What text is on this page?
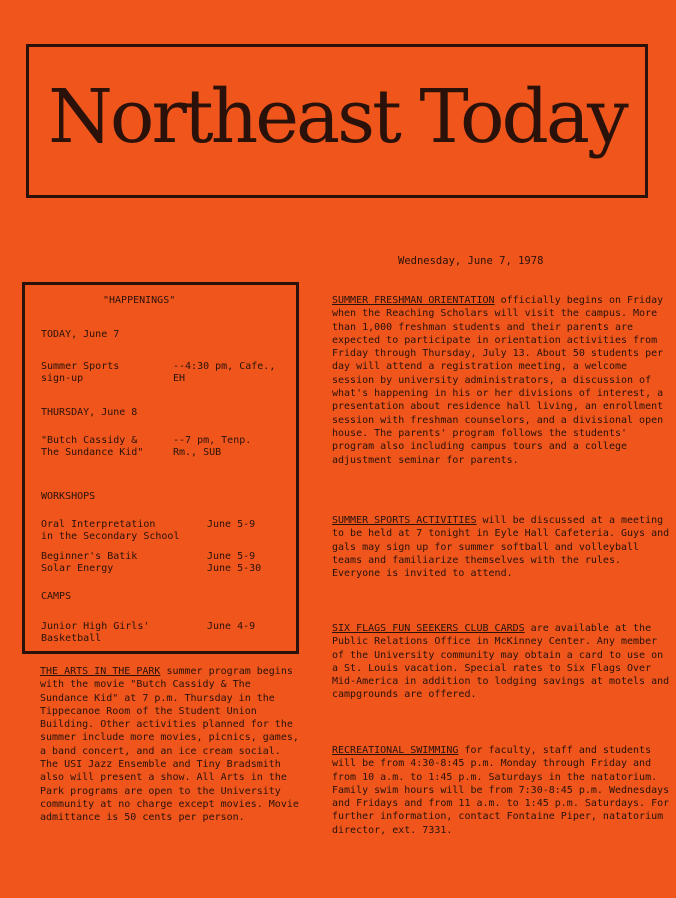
Northeast Today
Wednesday, June 7, 1978
"HAPPENINGS"
TODAY, June 7
Summer Sports
sign-up
--4:30 pm, Cafe.,
EH
THURSDAY, June 8
"Butch Cassidy &
The Sundance Kid"
--7 pm, Tenp.
Rm., SUB
WORKSHOPS
Oral Interpretation
in the Secondary School
June 5-9
Beginner's Batik
Solar Energy
June 5-9
June 5-30
CAMPS
Junior High Girls'
Basketball
June 4-9

THE ARTS IN THE PARK summer program begins with the movie "Butch Cassidy & The Sundance Kid" at 7 p.m. Thursday in the Tippecanoe Room of the Student Union Building. Other activities planned for the summer include more movies, picnics, games, a band concert, and an ice cream social. The USI Jazz Ensemble and Tiny Bradsmith also will present a show. All Arts in the Park programs are open to the University community at no charge except movies. Movie admittance is 50 cents per person.

SUMMER FRESHMAN ORIENTATION officially begins on Friday when the Reaching Scholars will visit the campus. More than 1,000 freshman students and their parents are expected to participate in orientation activities from Friday through Thursday, July 13. About 50 students per day will attend a registration meeting, a welcome session by university administrators, a discussion of what's happening in his or her divisions of interest, a presentation about residence hall living, an enrollment session with freshman counselors, and a divisional open house. The parents' program follows the students' program also including campus tours and a college adjustment seminar for parents.

SUMMER SPORTS ACTIVITIES will be discussed at a meeting to be held at 7 tonight in Eyle Hall Cafeteria. Guys and gals may sign up for summer softball and volleyball teams and familiarize themselves with the rules. Everyone is invited to attend.

SIX FLAGS FUN SEEKERS CLUB CARDS are available at the Public Relations Office in McKinney Center. Any member of the University community may obtain a card to use on a St. Louis vacation. Special rates to Six Flags Over Mid-America in addition to lodging savings at motels and campgrounds are offered.

RECREATIONAL SWIMMING for faculty, staff and students will be from 4:30-8:45 p.m. Monday through Friday and from 10 a.m. to 1:45 p.m. Saturdays in the natatorium. Family swim hours will be from 7:30-8:45 p.m. Wednesdays and Fridays and from 11 a.m. to 1:45 p.m. Saturdays. For further information, contact Fontaine Piper, natatorium director, ext. 7331.
